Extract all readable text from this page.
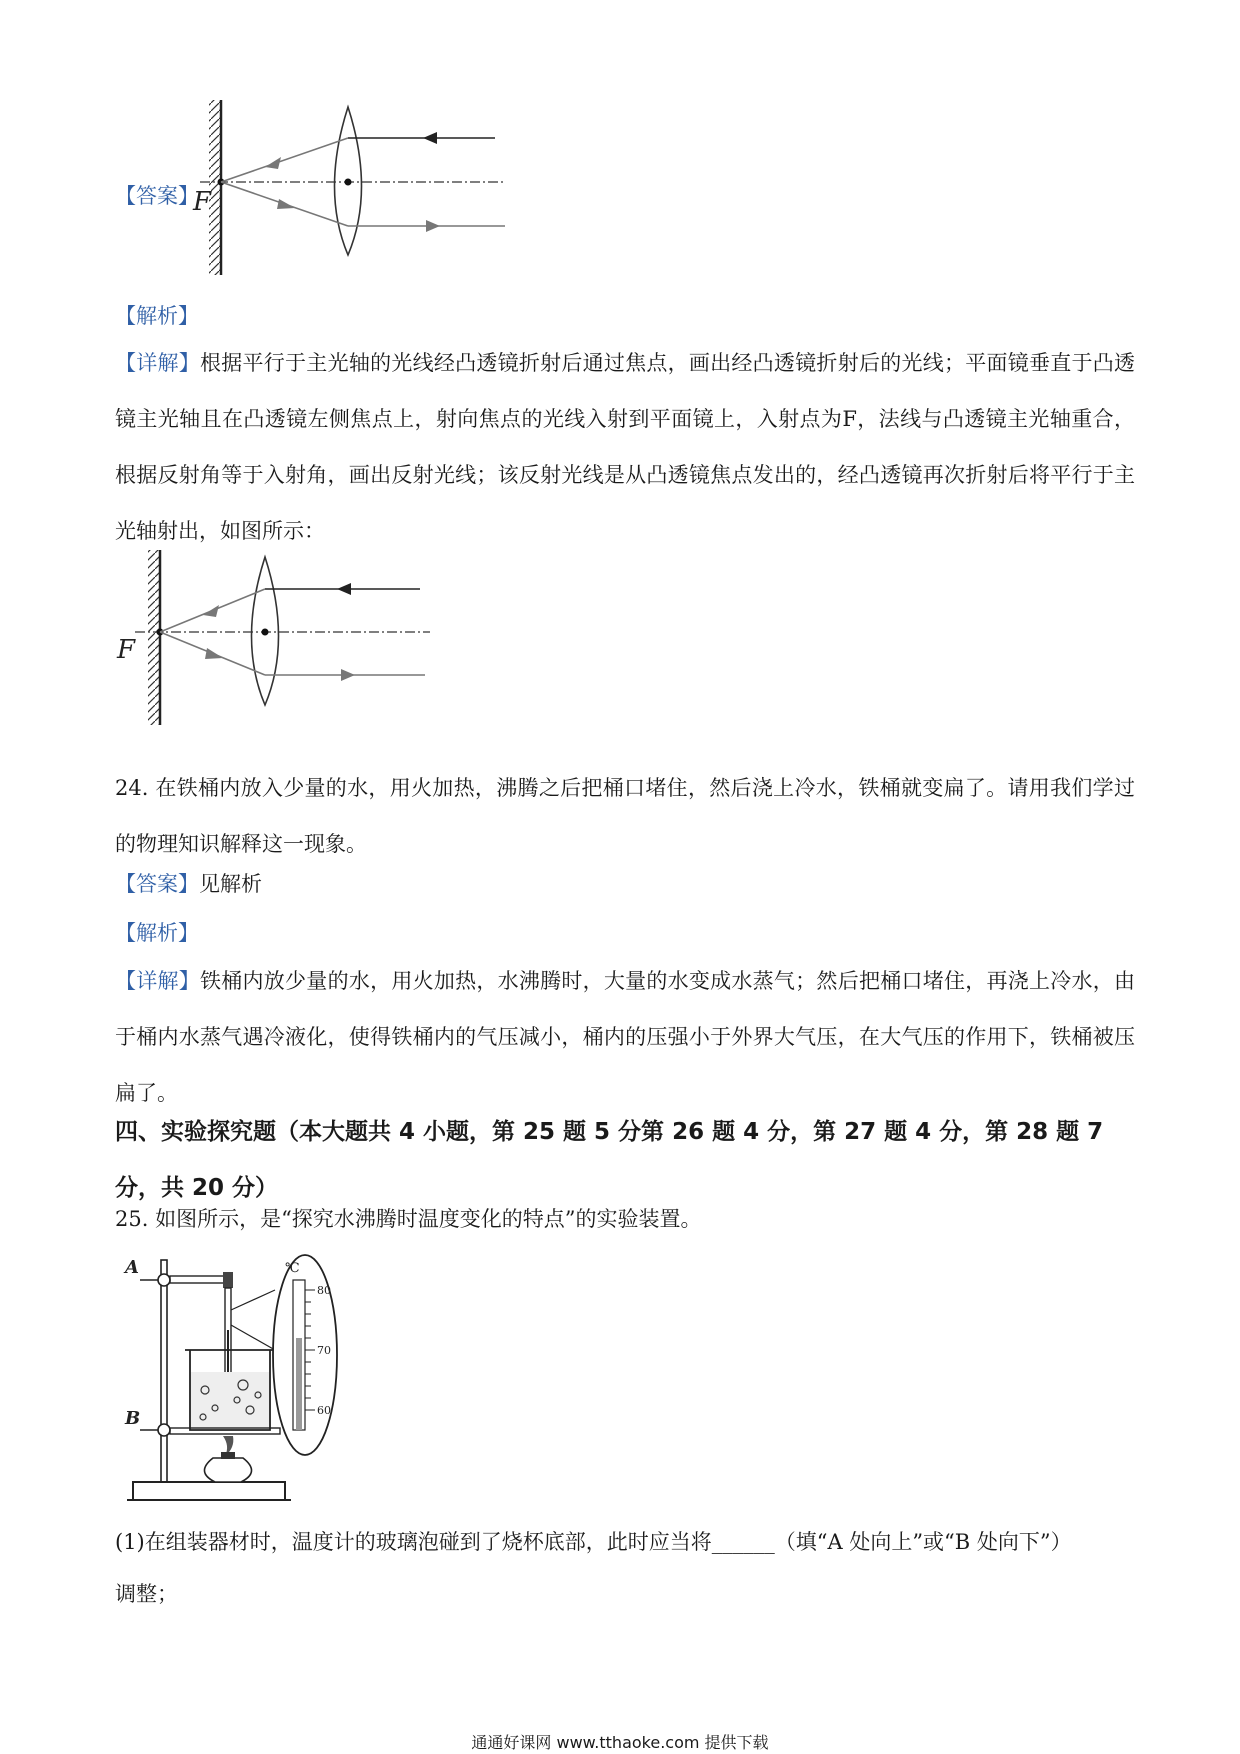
【答案】
F
【解析】
【详解】根据平行于主光轴的光线经凸透镜折射后通过焦点，画出经凸透镜折射后的光线；平面镜垂直于凸透镜主光轴且在凸透镜左侧焦点上，射向焦点的光线入射到平面镜上，入射点为F，法线与凸透镜主光轴重合，根据反射角等于入射角，画出反射光线；该反射光线是从凸透镜焦点发出的，经凸透镜再次折射后将平行于主光轴射出，如图所示：
F
24. 在铁桶内放入少量的水，用火加热，沸腾之后把桶口堵住，然后浇上冷水，铁桶就变扁了。请用我们学过的物理知识解释这一现象。
【答案】见解析
【解析】
【详解】铁桶内放少量的水，用火加热，水沸腾时，大量的水变成水蒸气；然后把桶口堵住，再浇上冷水，由于桶内水蒸气遇冷液化，使得铁桶内的气压减小，桶内的压强小于外界大气压，在大气压的作用下，铁桶被压扁了。
四、实验探究题（本大题共 4 小题，第 25 题 5 分第 26 题 4 分，第 27 题 4 分，第 28 题 7 分，共 20 分）
25. 如图所示，是“探究水沸腾时温度变化的特点”的实验装置。
A
B
℃
80
70
60
(1)在组装器材时，温度计的玻璃泡碰到了烧杯底部，此时应当将______（填“A 处向上”或“B 处向下”）
调整；
通通好课网 www.tthaoke.com 提供下载
